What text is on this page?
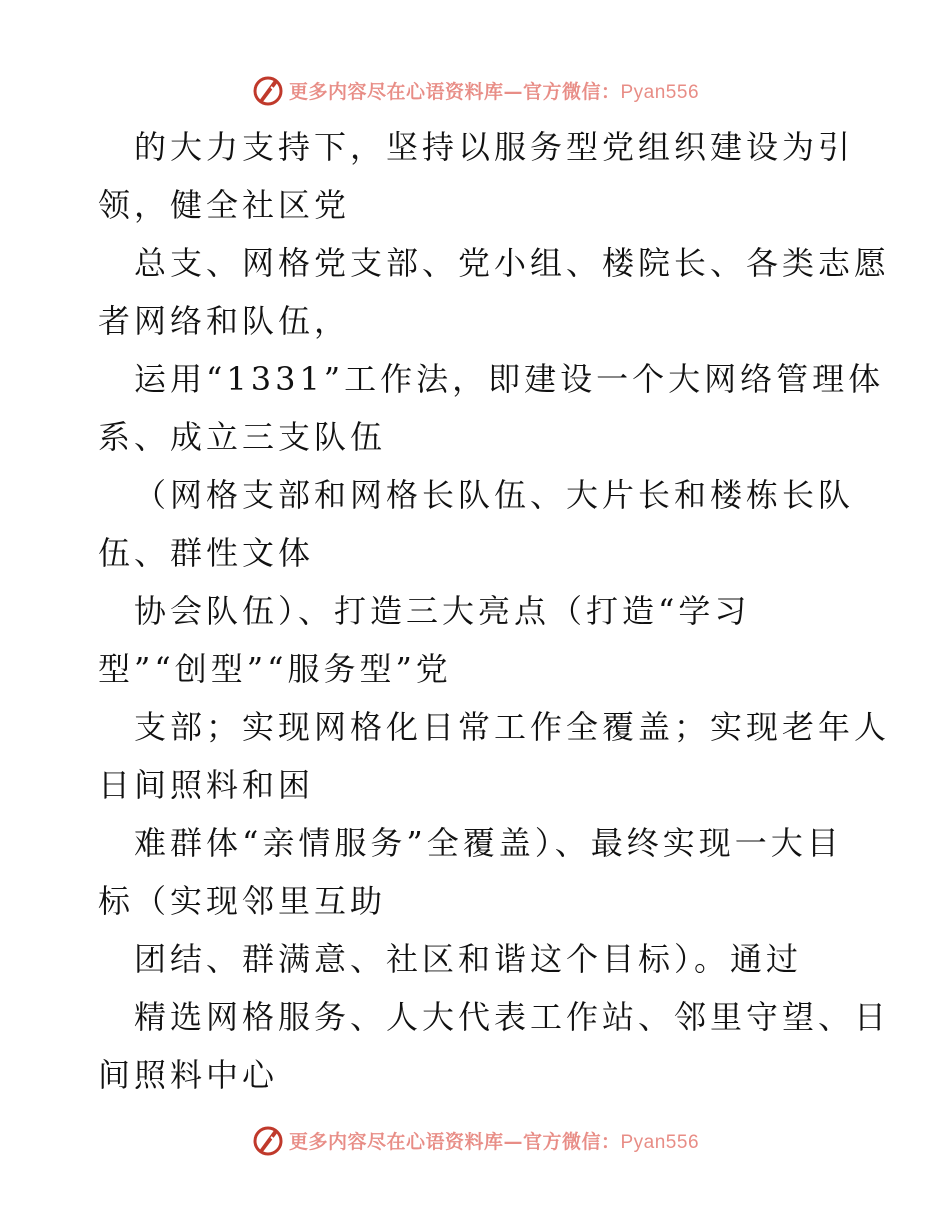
更多内容尽在心语资料库—官方微信：Pyan556
的大力支持下，坚持以服务型党组织建设为引
领，健全社区党
总支、网格党支部、党小组、楼院长、各类志愿
者网络和队伍，
运用“1331”工作法，即建设一个大网络管理体
系、成立三支队伍
（网格支部和网格长队伍、大片长和楼栋长队
伍、群性文体
协会队伍）、打造三大亮点（打造“学习
型”“创型”“服务型”党
支部；实现网格化日常工作全覆盖；实现老年人
日间照料和困
难群体“亲情服务”全覆盖）、最终实现一大目
标（实现邻里互助
团结、群满意、社区和谐这个目标）。通过
精选网格服务、人大代表工作站、邻里守望、日
间照料中心
更多内容尽在心语资料库—官方微信：Pyan556
